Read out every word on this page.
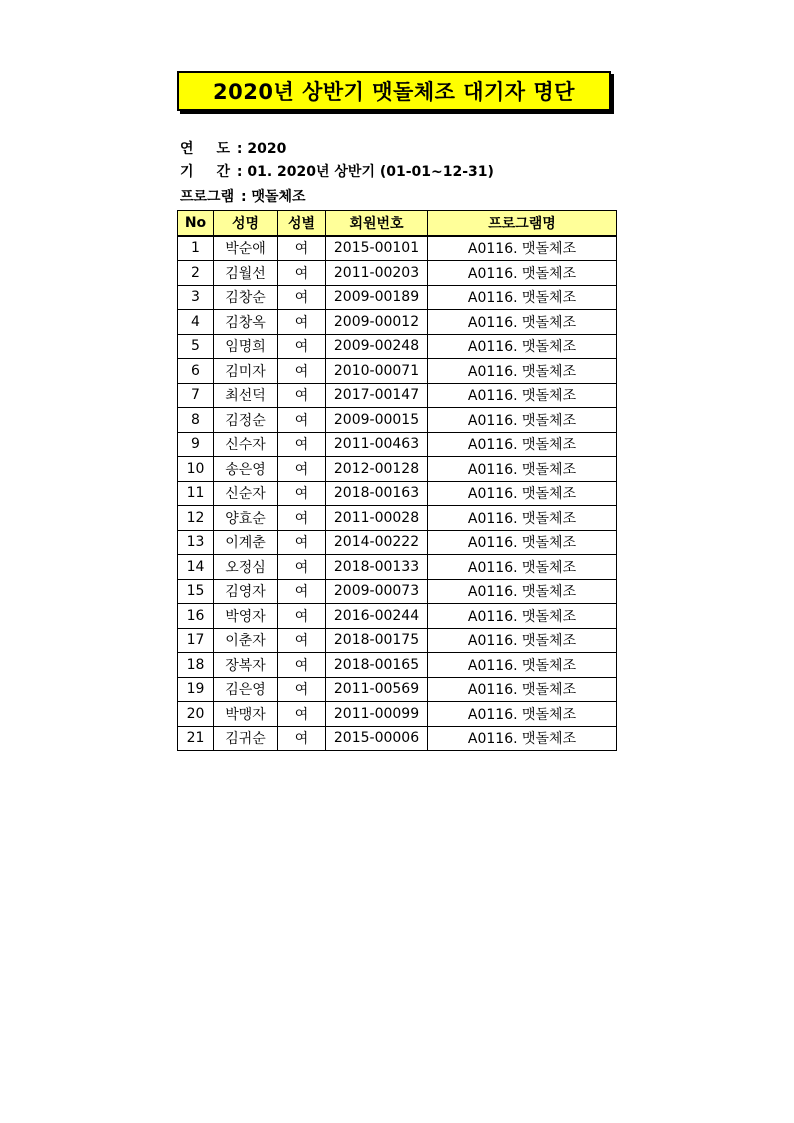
2020년 상반기 맷돌체조 대기자 명단
연 도 : 2020
기 간 : 01. 2020년 상반기 (01-01~12-31)
프로그램 : 맷돌체조
No	성명	성별	회원번호	프로그램명
1	박순애	여	2015-00101	A0116. 맷돌체조
2	김월선	여	2011-00203	A0116. 맷돌체조
3	김창순	여	2009-00189	A0116. 맷돌체조
4	김창옥	여	2009-00012	A0116. 맷돌체조
5	임명희	여	2009-00248	A0116. 맷돌체조
6	김미자	여	2010-00071	A0116. 맷돌체조
7	최선덕	여	2017-00147	A0116. 맷돌체조
8	김정순	여	2009-00015	A0116. 맷돌체조
9	신수자	여	2011-00463	A0116. 맷돌체조
10	송은영	여	2012-00128	A0116. 맷돌체조
11	신순자	여	2018-00163	A0116. 맷돌체조
12	양효순	여	2011-00028	A0116. 맷돌체조
13	이계춘	여	2014-00222	A0116. 맷돌체조
14	오정심	여	2018-00133	A0116. 맷돌체조
15	김영자	여	2009-00073	A0116. 맷돌체조
16	박영자	여	2016-00244	A0116. 맷돌체조
17	이춘자	여	2018-00175	A0116. 맷돌체조
18	장복자	여	2018-00165	A0116. 맷돌체조
19	김은영	여	2011-00569	A0116. 맷돌체조
20	박맹자	여	2011-00099	A0116. 맷돌체조
21	김귀순	여	2015-00006	A0116. 맷돌체조
